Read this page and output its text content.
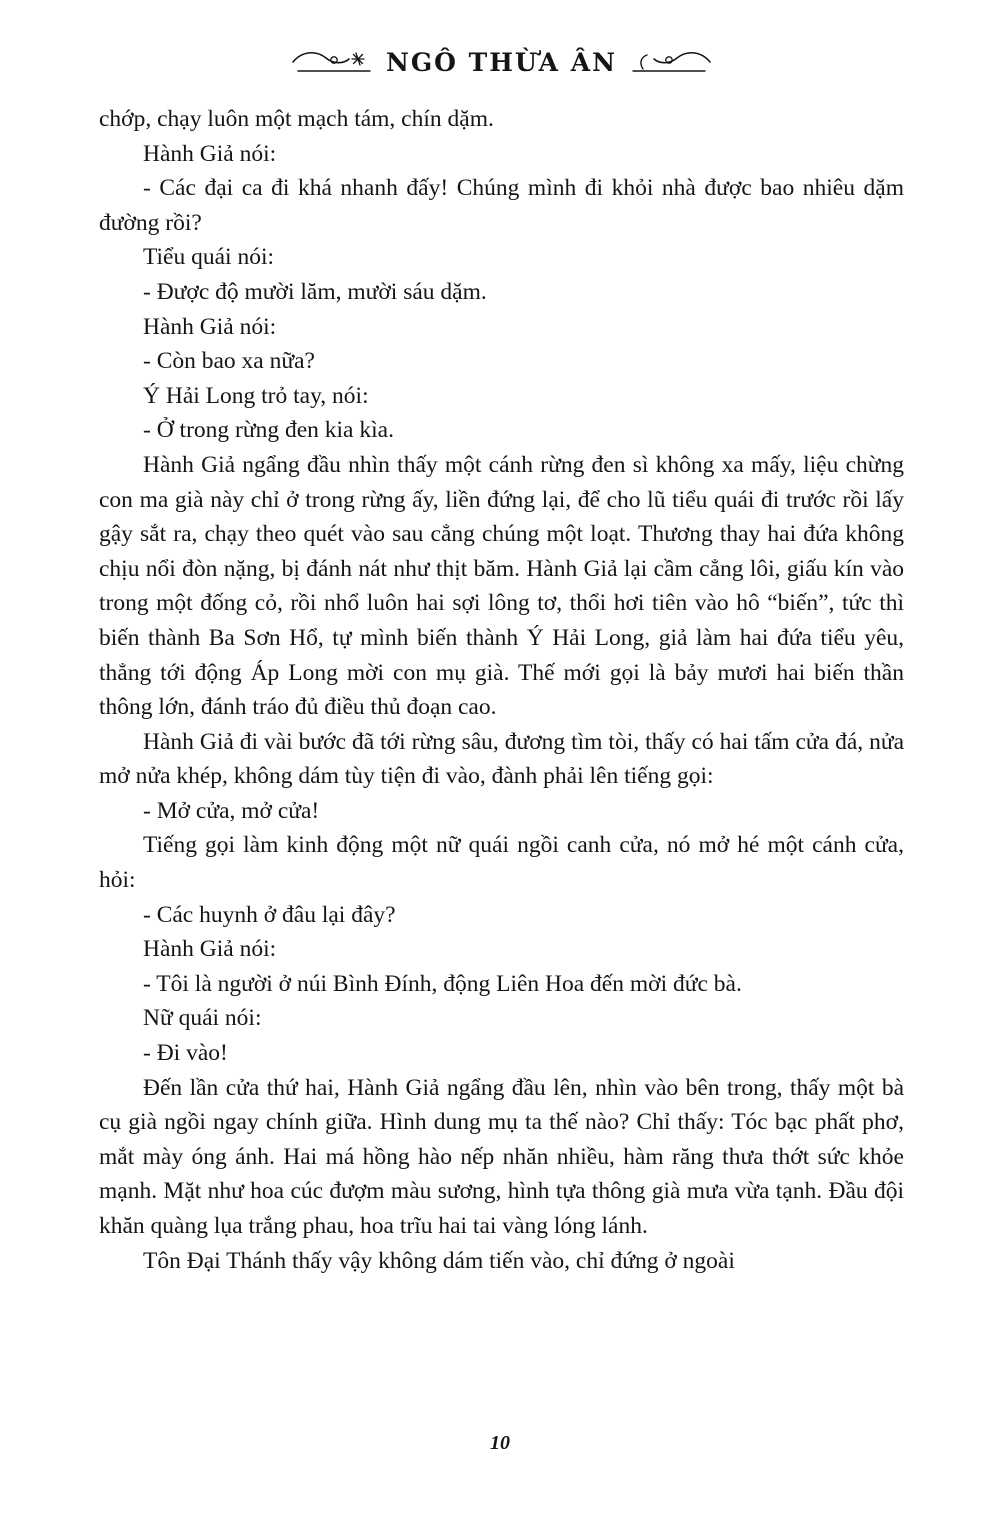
NGÔ THỪA ÂN

chớp, chạy luôn một mạch tám, chín dặm.

Hành Giả nói:

- Các đại ca đi khá nhanh đấy! Chúng mình đi khỏi nhà được bao nhiêu dặm đường rồi?

Tiểu quái nói:

- Được độ mười lăm, mười sáu dặm.

Hành Giả nói:

- Còn bao xa nữa?

Ý Hải Long trỏ tay, nói:

- Ở trong rừng đen kia kìa.

Hành Giả ngẩng đầu nhìn thấy một cánh rừng đen sì không xa mấy, liệu chừng con ma già này chỉ ở trong rừng ấy, liền đứng lại, để cho lũ tiểu quái đi trước rồi lấy gậy sắt ra, chạy theo quét vào sau cẳng chúng một loạt. Thương thay hai đứa không chịu nổi đòn nặng, bị đánh nát như thịt băm. Hành Giả lại cầm cẳng lôi, giấu kín vào trong một đống cỏ, rồi nhổ luôn hai sợi lông tơ, thổi hơi tiên vào hô “biến”, tức thì biến thành Ba Sơn Hổ, tự mình biến thành Ý Hải Long, giả làm hai đứa tiểu yêu, thẳng tới động Áp Long mời con mụ già. Thế mới gọi là bảy mươi hai biến thần thông lớn, đánh tráo đủ điều thủ đoạn cao.

Hành Giả đi vài bước đã tới rừng sâu, đương tìm tòi, thấy có hai tấm cửa đá, nửa mở nửa khép, không dám tùy tiện đi vào, đành phải lên tiếng gọi:

- Mở cửa, mở cửa!

Tiếng gọi làm kinh động một nữ quái ngồi canh cửa, nó mở hé một cánh cửa, hỏi:

- Các huynh ở đâu lại đây?

Hành Giả nói:

- Tôi là người ở núi Bình Đính, động Liên Hoa đến mời đức bà.

Nữ quái nói:

- Đi vào!

Đến lần cửa thứ hai, Hành Giả ngẩng đầu lên, nhìn vào bên trong, thấy một bà cụ già ngồi ngay chính giữa. Hình dung mụ ta thế nào? Chỉ thấy: Tóc bạc phất phơ, mắt mày óng ánh. Hai má hồng hào nếp nhăn nhiều, hàm răng thưa thớt sức khỏe mạnh. Mặt như hoa cúc đượm màu sương, hình tựa thông già mưa vừa tạnh. Đầu đội khăn quàng lụa trắng phau, hoa trĩu hai tai vàng lóng lánh.

Tôn Đại Thánh thấy vậy không dám tiến vào, chỉ đứng ở ngoài

10
